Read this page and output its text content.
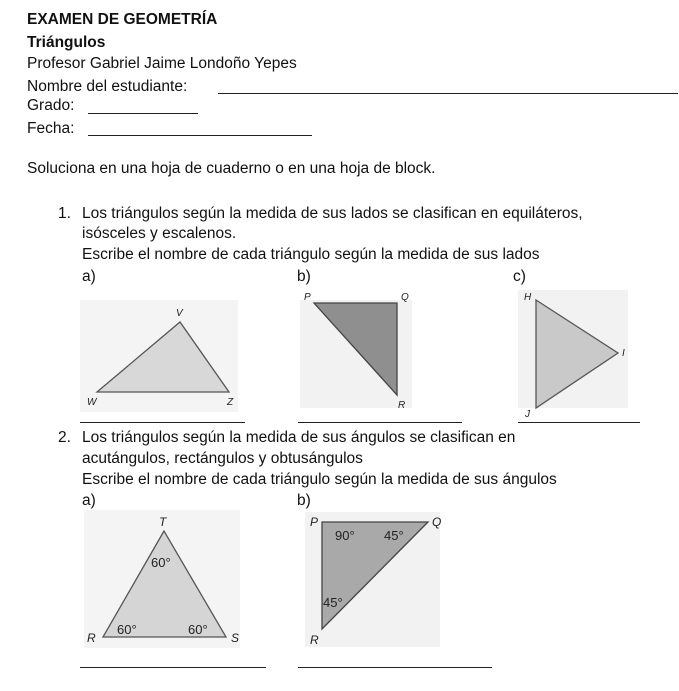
EXAMEN DE GEOMETRÍA
Triángulos
Profesor Gabriel Jaime Londoño Yepes
Nombre del estudiante:
Grado:
Fecha:
Soluciona en una hoja de cuaderno o en una hoja de block.
1. Los triángulos según la medida de sus lados se clasifican en equiláteros,
isósceles y escalenos.
Escribe el nombre de cada triángulo según la medida de sus lados
a)	b)	c)
V
W	Z
P	Q
R
H
I
J
2. Los triángulos según la medida de sus ángulos se clasifican en
acutángulos, rectángulos y obtusángulos
Escribe el nombre de cada triángulo según la medida de sus ángulos
a)	b)
T
R	S
60°
60°	60°
P	Q
R
90° 45°
45°
